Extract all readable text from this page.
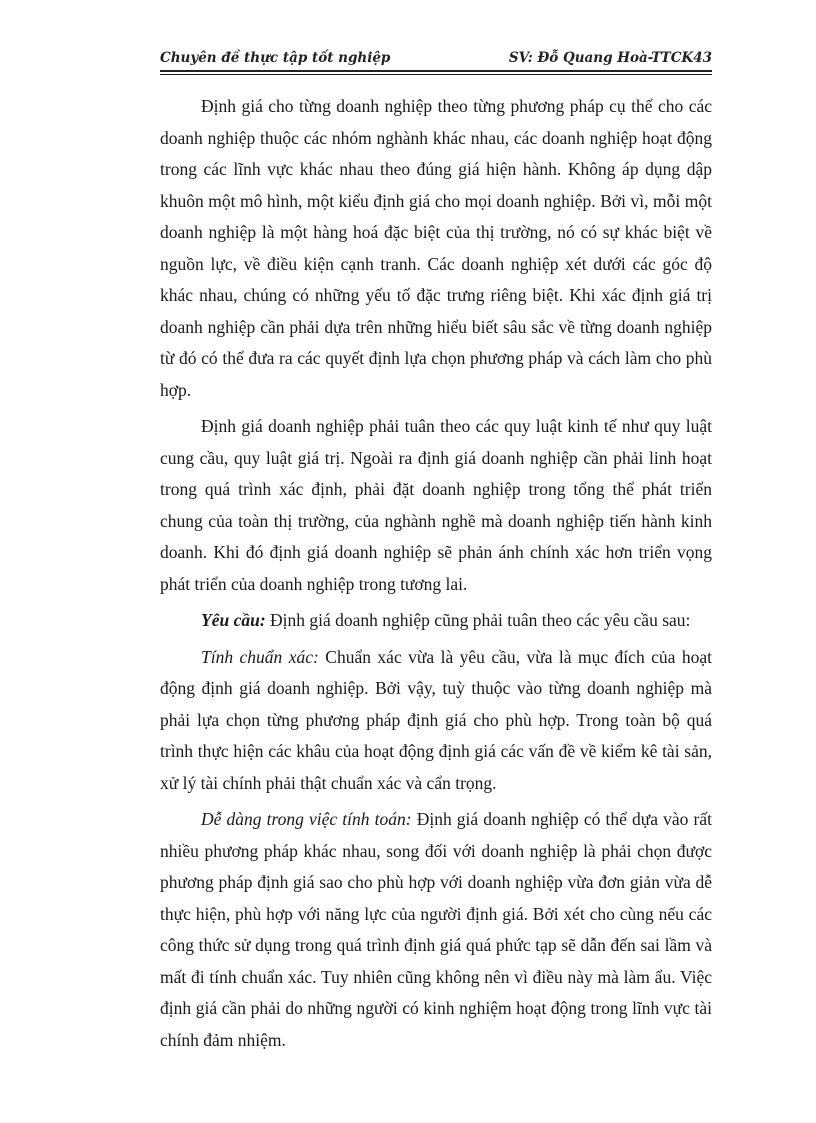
Chuyên đề thực tập tốt nghiệp	SV: Đỗ Quang Hoà-TTCK43

Định giá cho từng doanh nghiệp theo từng phương pháp cụ thể cho các doanh nghiệp thuộc các nhóm nghành khác nhau, các doanh nghiệp hoạt động trong các lĩnh vực khác nhau theo đúng giá hiện hành. Không áp dụng dập khuôn một mô hình, một kiểu định giá cho mọi doanh nghiệp. Bởi vì, mỗi một doanh nghiệp là một hàng hoá đặc biệt của thị trường, nó có sự khác biệt về nguồn lực, về điều kiện cạnh tranh. Các doanh nghiệp xét dưới các góc độ khác nhau, chúng có những yếu tố đặc trưng riêng biệt. Khi xác định giá trị doanh nghiệp cần phải dựa trên những hiểu biết sâu sắc về từng doanh nghiệp từ đó có thể đưa ra các quyết định lựa chọn phương pháp và cách làm cho phù hợp.

Định giá doanh nghiệp phải tuân theo các quy luật kinh tế như quy luật cung cầu, quy luật giá trị. Ngoài ra định giá doanh nghiệp cần phải linh hoạt trong quá trình xác định, phải đặt doanh nghiệp trong tổng thể phát triển chung của toàn thị trường, của nghành nghề mà doanh nghiệp tiến hành kinh doanh. Khi đó định giá doanh nghiệp sẽ phản ánh chính xác hơn triển vọng phát triển của doanh nghiệp trong tương lai.

Yêu cầu: Định giá doanh nghiệp cũng phải tuân theo các yêu cầu sau:

Tính chuẩn xác: Chuẩn xác vừa là yêu cầu, vừa là mục đích của hoạt động định giá doanh nghiệp. Bởi vậy, tuỳ thuộc vào từng doanh nghiệp mà phải lựa chọn từng phương pháp định giá cho phù hợp. Trong toàn bộ quá trình thực hiện các khâu của hoạt động định giá các vấn đề về kiểm kê tài sản, xử lý tài chính phải thật chuẩn xác và cẩn trọng.

Dễ dàng trong việc tính toán: Định giá doanh nghiệp có thể dựa vào rất nhiều phương pháp khác nhau, song đối với doanh nghiệp là phải chọn được phương pháp định giá sao cho phù hợp với doanh nghiệp vừa đơn giản vừa dễ thực hiện, phù hợp với năng lực của người định giá. Bởi xét cho cùng nếu các công thức sử dụng trong quá trình định giá quá phức tạp sẽ dẫn đến sai lầm và mất đi tính chuẩn xác. Tuy nhiên cũng không nên vì điều này mà làm ẩu. Việc định giá cần phải do những người có kinh nghiệm hoạt động trong lĩnh vực tài chính đảm nhiệm.
